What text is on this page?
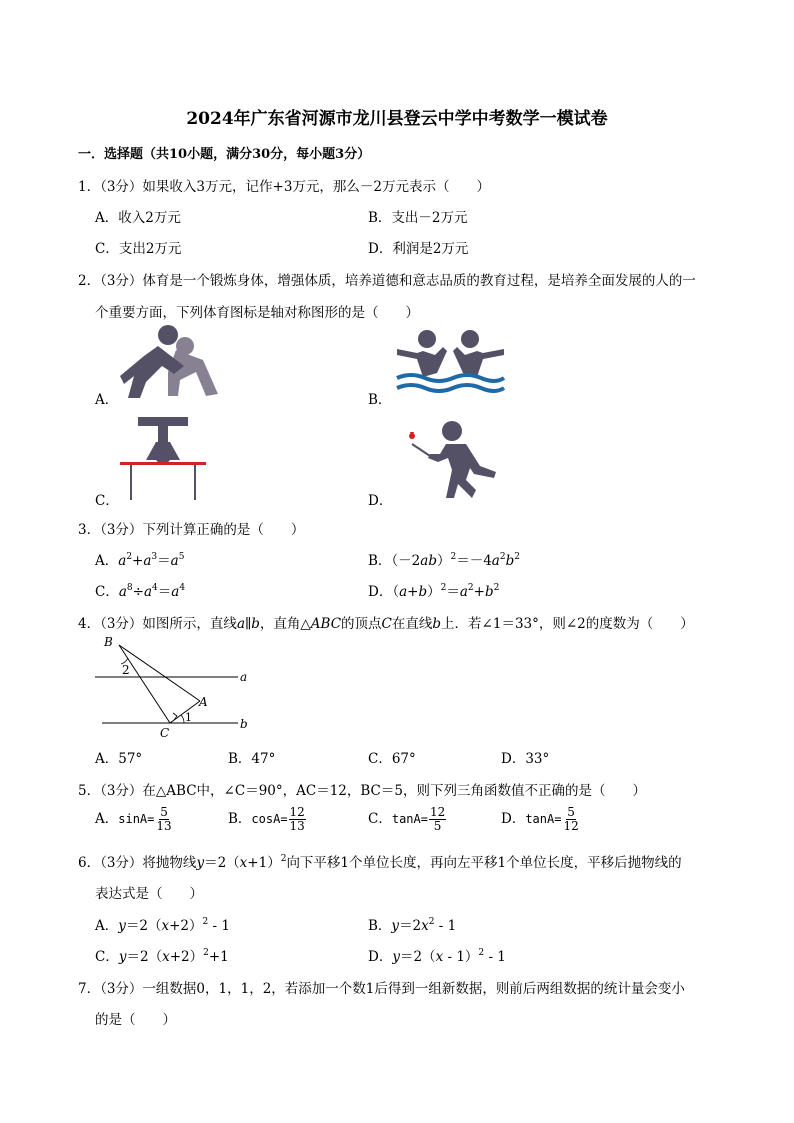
2024年广东省河源市龙川县登云中学中考数学一模试卷
一．选择题（共10小题，满分30分，每小题3分）
1．（3分）如果收入3万元，记作+3万元，那么－2万元表示（　　）
A．收入2万元	B．支出－2万元
C．支出2万元	D．利润是2万元
2．（3分）体育是一个锻炼身体，增强体质，培养道德和意志品质的教育过程，是培养全面发展的人的一
个重要方面，下列体育图标是轴对称图形的是（　　）
A．	B．
C．	D．
3．（3分）下列计算正确的是（　　）
A．$a^2+a^3=a^5$	B．$(-2ab)^2=-4a^2b^2$
C．$a^8\div a^4=a^4$	D．$(a+b)^2=a^2+b^2$
4．（3分）如图所示，直线a∥b，直角△ABC的顶点C在直线b上．若∠1＝33°，则∠2的度数为（　　）
B
2	a
A
1	b
C
A．57°	B．47°	C．67°	D．33°
5．（3分）在△ABC中，∠C＝90°，AC＝12，BC＝5，则下列三角函数值不正确的是（　　）
A．$\sin A= \frac{5}{13}$	B．$\cos A= \frac{12}{13}$	C．$\tan A= \frac{12}{5}$	D．$\tan A= \frac{5}{12}$
6．（3分）将抛物线$y=2(x+1)^2$向下平移1个单位长度，再向左平移1个单位长度，平移后抛物线的
表达式是（　　）
A．$y=2(x+2)^2 - 1$	B．$y=2x^2 - 1$
C．$y=2(x+2)^2+1$	D．y＝2（x - 1）$^2$ - 1
7．（3分）一组数据0，1，1，2，若添加一个数1后得到一组新数据，则前后两组数据的统计量会变小
的是（　　）
